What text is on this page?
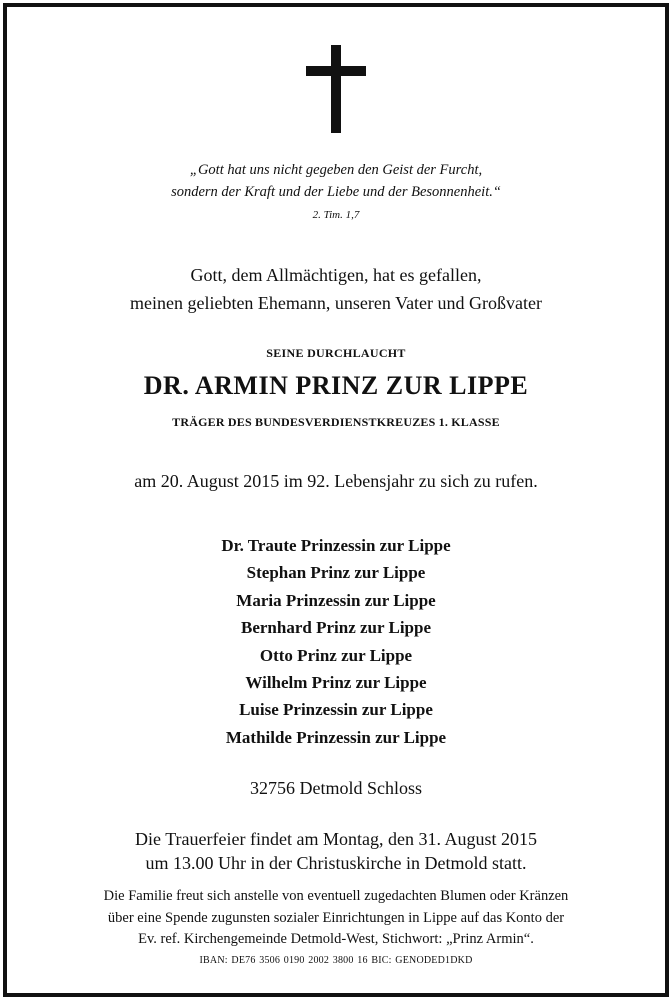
„Gott hat uns nicht gegeben den Geist der Furcht,
sondern der Kraft und der Liebe und der Besonnenheit.“
2. Tim. 1,7
Gott, dem Allmächtigen, hat es gefallen,
meinen geliebten Ehemann, unseren Vater und Großvater
SEINE DURCHLAUCHT
DR. ARMIN PRINZ ZUR LIPPE
TRÄGER DES BUNDESVERDIENSTKREUZES 1. KLASSE
am 20. August 2015 im 92. Lebensjahr zu sich zu rufen.
Dr. Traute Prinzessin zur Lippe
Stephan Prinz zur Lippe
Maria Prinzessin zur Lippe
Bernhard Prinz zur Lippe
Otto Prinz zur Lippe
Wilhelm Prinz zur Lippe
Luise Prinzessin zur Lippe
Mathilde Prinzessin zur Lippe
32756 Detmold Schloss
Die Trauerfeier findet am Montag, den 31. August 2015
um 13.00 Uhr in der Christuskirche in Detmold statt.
Die Familie freut sich anstelle von eventuell zugedachten Blumen oder Kränzen
über eine Spende zugunsten sozialer Einrichtungen in Lippe auf das Konto der
Ev. ref. Kirchengemeinde Detmold-West, Stichwort: „Prinz Armin“.
IBAN: DE76 3506 0190 2002 3800 16 BIC: GENODED1DKD
